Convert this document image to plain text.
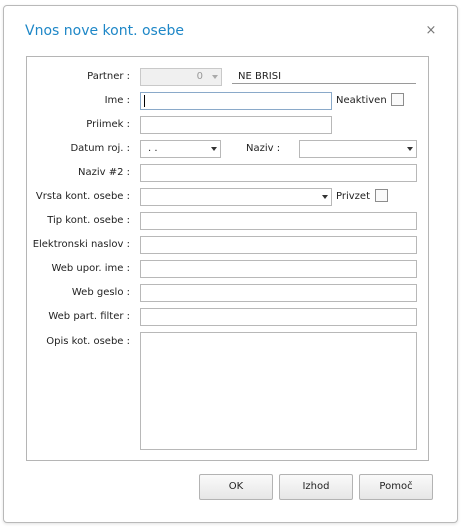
Vnos nove kont. osebe	×
Partner :	0	NE BRISI
Ime :	Neaktiven
Priimek :
Datum roj. : . .	Naziv :
Naziv #2 :
Vrsta kont. osebe :	Privzet
Tip kont. osebe :
Elektronski naslov :
Web upor. ime :
Web geslo :
Web part. filter :
Opis kot. osebe :
OK	Izhod	Pomoč
